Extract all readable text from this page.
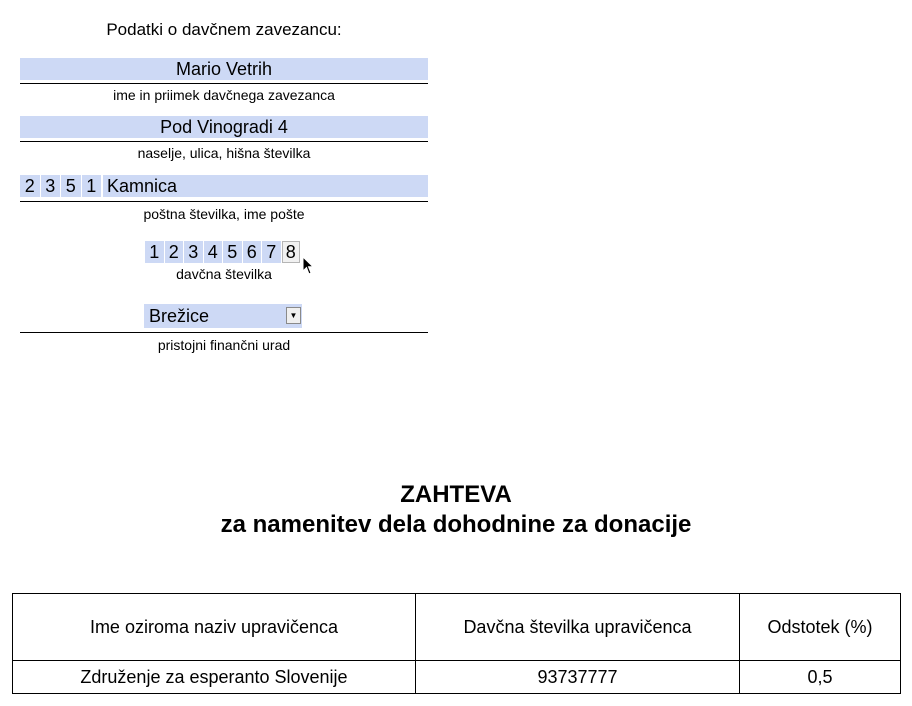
Podatki o davčnem zavezancu:
Mario Vetrih
ime in priimek davčnega zavezanca
Pod Vinogradi 4
naselje, ulica, hišna številka
2 3 5 1 Kamnica
poštna številka, ime pošte
1 2 3 4 5 6 7 8
davčna številka
Brežice	▼
pristojni finančni urad
ZAHTEVA
za namenitev dela dohodnine za donacije
Ime oziroma naziv upravičenca	Davčna številka upravičenca	Odstotek (%)
Združenje za esperanto Slovenije	93737777	0,5
